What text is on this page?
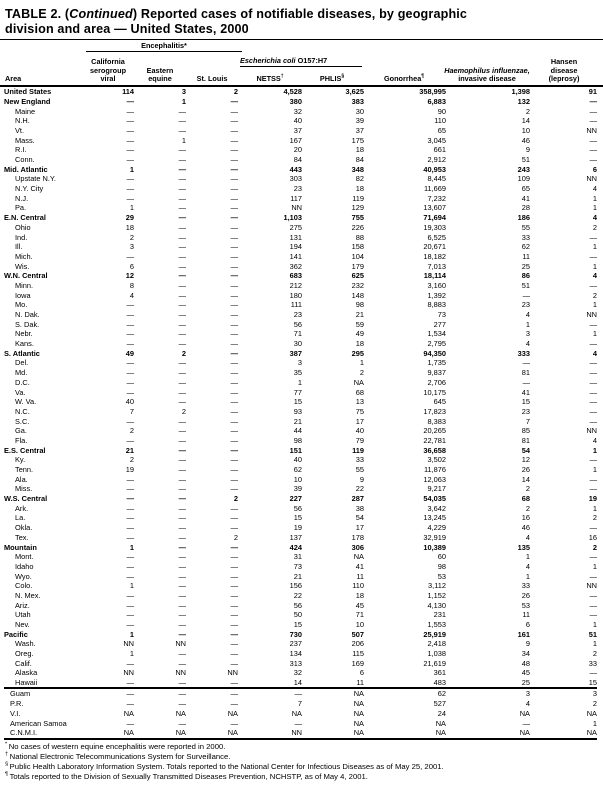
TABLE 2. (Continued) Reported cases of notifiable diseases, by geographic
division and area — United States, 2000
Encephalitis*
Escherichia coli O157:H7
Area
California serogroup viral
Eastern equine	St. Louis	NETSS†	PHLIS§	Gonorrhea¶
Haemophilus influenzae,
invasive disease
Hansen disease (leprosy)
United States	114	3	2	4,528	3,625	358,995	1,398	91
New England	—	1	—	380	383	6,883	132	—
Maine	—	—	—	32	30	90	2	—
N.H.	—	—	—	40	39	110	14	—
Vt.	—	—	—	37	37	65	10	NN
Mass.	—	1	—	167	175	3,045	46	—
R.I.	—	—	—	20	18	661	9	—
Conn.	—	—	—	84	84	2,912	51	—
Mid. Atlantic	1	—	—	443	348	40,953	243	6
Upstate N.Y.	—	—	—	303	82	8,445	109	NN
N.Y. City	—	—	—	23	18	11,669	65	4
N.J.	—	—	—	117	119	7,232	41	1
Pa.	1	—	—	NN	129	13,607	28	1
E.N. Central	29	—	—	1,103	755	71,694	186	4
Ohio	18	—	—	275	226	19,303	55	2
Ind.	2	—	—	131	88	6,525	33	—
Ill.	3	—	—	194	158	20,671	62	1
Mich.	—	—	—	141	104	18,182	11	—
Wis.	6	—	—	362	179	7,013	25	1
W.N. Central	12	—	—	683	625	18,114	86	4
Minn.	8	—	—	212	232	3,160	51	—
Iowa	4	—	—	180	148	1,392	—	2
Mo.	—	—	—	111	98	8,883	23	1
N. Dak.	—	—	—	23	21	73	4	NN
S. Dak.	—	—	—	56	59	277	1	—
Nebr.	—	—	—	71	49	1,534	3	1
Kans.	—	—	—	30	18	2,795	4	—
S. Atlantic	49	2	—	387	295	94,350	333	4
Del.	—	—	—	3	1	1,735	—	—
Md.	—	—	—	35	2	9,837	81	—
D.C.	—	—	—	1	NA	2,706	—	—
Va.	—	—	—	77	68	10,175	41	—
W. Va.	40	—	—	15	13	645	15	—
N.C.	7	2	—	93	75	17,823	23	—
S.C.	—	—	—	21	17	8,383	7	—
Ga.	2	—	—	44	40	20,265	85	NN
Fla.	—	—	—	98	79	22,781	81	4
E.S. Central	21	—	—	151	119	36,658	54	1
Ky.	2	—	—	40	33	3,502	12	—
Tenn.	19	—	—	62	55	11,876	26	1
Ala.	—	—	—	10	9	12,063	14	—
Miss.	—	—	—	39	22	9,217	2	—
W.S. Central	—	—	2	227	287	54,035	68	19
Ark.	—	—	—	56	38	3,642	2	1
La.	—	—	—	15	54	13,245	16	2
Okla.	—	—	—	19	17	4,229	46	—
Tex.	—	—	2	137	178	32,919	4	16
Mountain	1	—	—	424	306	10,389	135	2
Mont.	—	—	—	31	NA	60	1	—
Idaho	—	—	—	73	41	98	4	1
Wyo.	—	—	—	21	11	53	1	—
Colo.	1	—	—	156	110	3,112	33	NN
N. Mex.	—	—	—	22	18	1,152	26	—
Ariz.	—	—	—	56	45	4,130	53	—
Utah	—	—	—	50	71	231	11	—
Nev.	—	—	—	15	10	1,553	6	1
Pacific	1	—	—	730	507	25,919	161	51
Wash.	NN	NN	—	237	206	2,418	9	1
Oreg.	1	—	—	134	115	1,038	34	2
Calif.	—	—	—	313	169	21,619	48	33
Alaska	NN	NN	NN	32	6	361	45	—
Hawaii	—	—	—	14	11	483	25	15
Guam	—	—	—	—	NA	62	3	3
P.R.	—	—	—	7	NA	527	4	2
V.I.	NA	NA	NA	NA	NA	24	NA	NA
American Samoa	—	—	—	—	NA	NA	—	1
C.N.M.I.	NA	NA	NA	NN	NA	NA	NA	NA
* No cases of western equine encephalitis were reported in 2000.
† National Electronic Telecommunications System for Surveillance.
§ Public Health Laboratory Information System. Totals reported to the National Center for Infectious Diseases as of May 25, 2001.
¶ Totals reported to the Division of Sexually Transmitted Diseases Prevention, NCHSTP, as of May 4, 2001.
